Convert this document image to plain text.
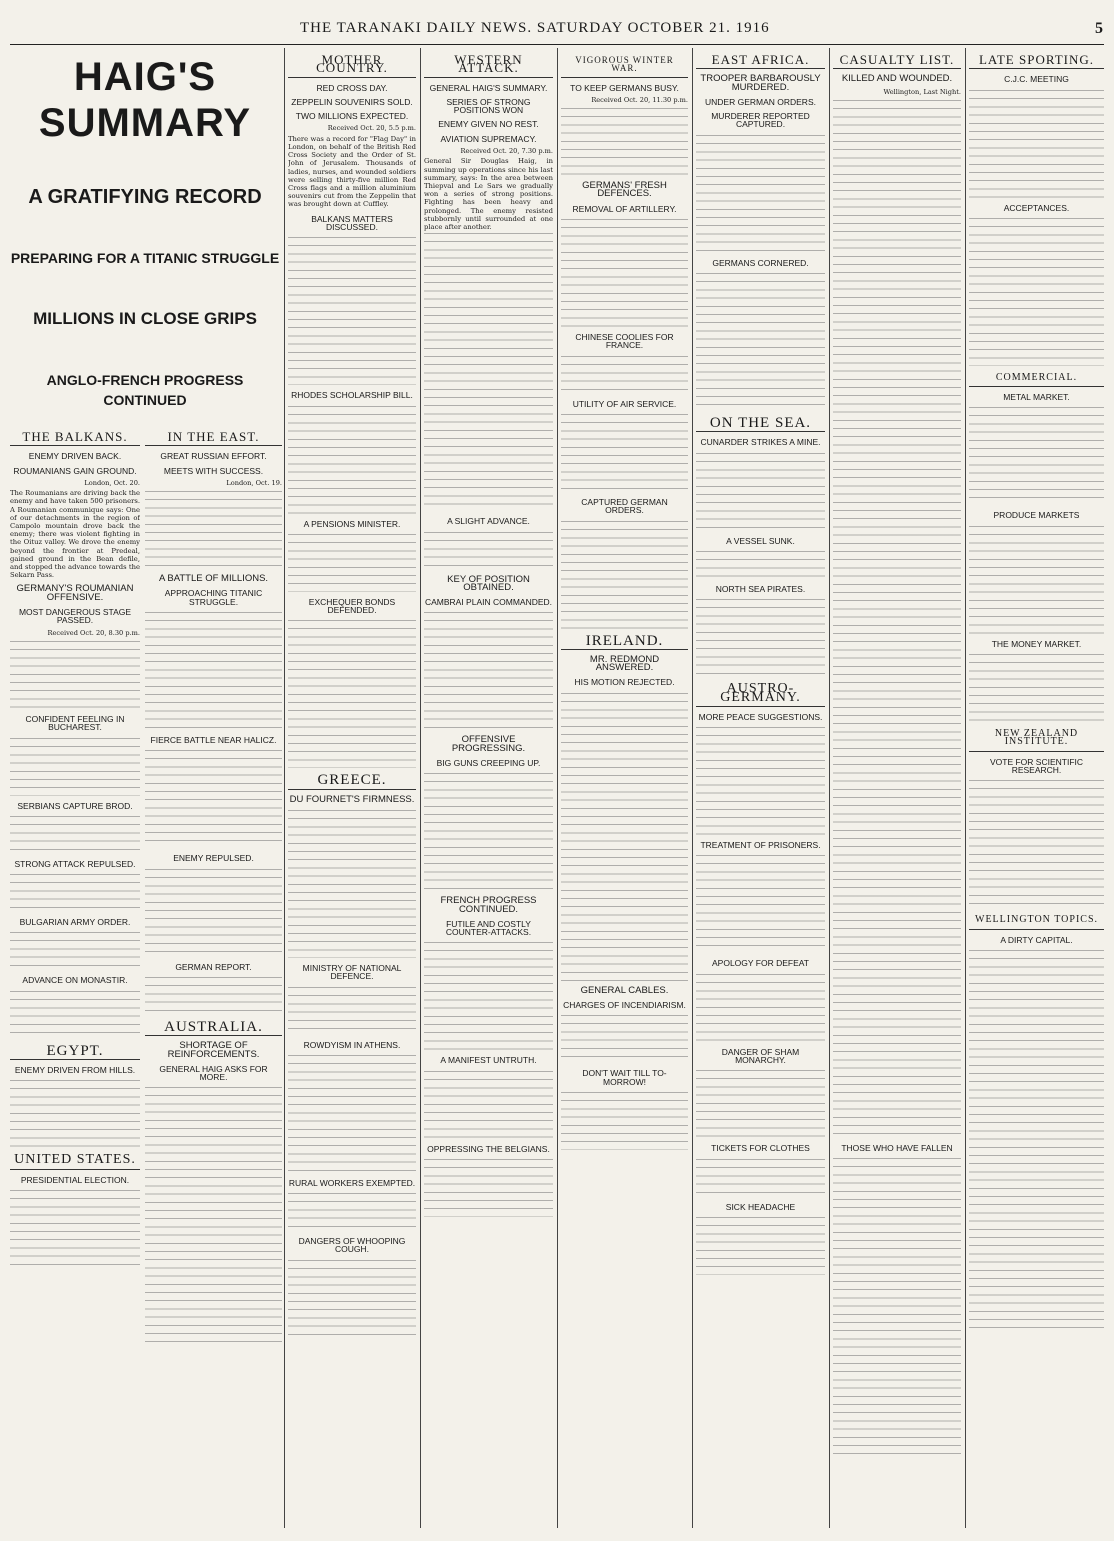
THE TARANAKI DAILY NEWS. SATURDAY OCTOBER 21. 1916	5
HAIG'S SUMMARY
A GRATIFYING RECORD
PREPARING FOR A TITANIC STRUGGLE
MILLIONS IN CLOSE GRIPS
ANGLO-FRENCH PROGRESS CONTINUED
THE BALKANS.
ENEMY DRIVEN BACK.
ROUMANIANS GAIN GROUND.
London, Oct. 20.
The Roumanians are driving back the enemy and have taken 500 prisoners. A Roumanian communique says: One of our detachments in the region of Campolo mountain drove back the enemy; there was violent fighting in the Oituz valley. We drove the enemy beyond the frontier at Predeal, gained ground in the Bean defile, and stopped the advance towards the Sekarn Pass.
GERMANY'S ROUMANIAN OFFENSIVE.
MOST DANGEROUS STAGE PASSED.
Received Oct. 20, 8.30 p.m.
CONFIDENT FEELING IN BUCHAREST.
SERBIANS CAPTURE BROD.
STRONG ATTACK REPULSED.
BULGARIAN ARMY ORDER.
ADVANCE ON MONASTIR.
EGYPT.
ENEMY DRIVEN FROM HILLS.
UNITED STATES.
PRESIDENTIAL ELECTION.
IN THE EAST.
GREAT RUSSIAN EFFORT.
MEETS WITH SUCCESS.
London, Oct. 19.
A BATTLE OF MILLIONS.
APPROACHING TITANIC STRUGGLE.
FIERCE BATTLE NEAR HALICZ.
ENEMY REPULSED.
GERMAN REPORT.
AUSTRALIA.
SHORTAGE OF REINFORCEMENTS.
GENERAL HAIG ASKS FOR MORE.
MOTHER COUNTRY.
RED CROSS DAY.
ZEPPELIN SOUVENIRS SOLD.
TWO MILLIONS EXPECTED.
Received Oct. 20, 5.5 p.m.
There was a record for "Flag Day" in London, on behalf of the British Red Cross Society and the Order of St. John of Jerusalem. Thousands of ladies, nurses, and wounded soldiers were selling thirty-five million Red Cross flags and a million aluminium souvenirs cut from the Zeppelin that was brought down at Cuffley.
BALKANS MATTERS DISCUSSED.
RHODES SCHOLARSHIP BILL.
A PENSIONS MINISTER.
EXCHEQUER BONDS DEFENDED.
GREECE.
DU FOURNET'S FIRMNESS.
MINISTRY OF NATIONAL DEFENCE.
ROWDYISM IN ATHENS.
RURAL WORKERS EXEMPTED.
DANGERS OF WHOOPING COUGH.
WESTERN ATTACK.
GENERAL HAIG'S SUMMARY.
SERIES OF STRONG POSITIONS WON
ENEMY GIVEN NO REST.
AVIATION SUPREMACY.
Received Oct. 20, 7.30 p.m.
General Sir Douglas Haig, in summing up operations since his last summary, says: In the area between Thiepval and Le Sars we gradually won a series of strong positions. Fighting has been heavy and prolonged. The enemy resisted stubbornly until surrounded at one place after another.
A SLIGHT ADVANCE.
KEY OF POSITION OBTAINED.
CAMBRAI PLAIN COMMANDED.
OFFENSIVE PROGRESSING.
BIG GUNS CREEPING UP.
FRENCH PROGRESS CONTINUED.
FUTILE AND COSTLY COUNTER-ATTACKS.
A MANIFEST UNTRUTH.
OPPRESSING THE BELGIANS.
VIGOROUS WINTER WAR.
TO KEEP GERMANS BUSY.
Received Oct. 20, 11.30 p.m.
GERMANS' FRESH DEFENCES.
REMOVAL OF ARTILLERY.
CHINESE COOLIES FOR FRANCE.
UTILITY OF AIR SERVICE.
CAPTURED GERMAN ORDERS.
IRELAND.
MR. REDMOND ANSWERED.
HIS MOTION REJECTED.
GENERAL CABLES.
CHARGES OF INCENDIARISM.
DON'T WAIT TILL TO-MORROW!
EAST AFRICA.
TROOPER BARBAROUSLY MURDERED.
UNDER GERMAN ORDERS.
MURDERER REPORTED CAPTURED.
GERMANS CORNERED.
ON THE SEA.
CUNARDER STRIKES A MINE.
A VESSEL SUNK.
NORTH SEA PIRATES.
AUSTRO-GERMANY.
MORE PEACE SUGGESTIONS.
TREATMENT OF PRISONERS.
APOLOGY FOR DEFEAT
DANGER OF SHAM MONARCHY.
TICKETS FOR CLOTHES
SICK HEADACHE
CASUALTY LIST.
KILLED AND WOUNDED.
Wellington, Last Night.
THOSE WHO HAVE FALLEN
LATE SPORTING.
C.J.C. MEETING
ACCEPTANCES.
COMMERCIAL.
METAL MARKET.
PRODUCE MARKETS
THE MONEY MARKET.
NEW ZEALAND INSTITUTE.
VOTE FOR SCIENTIFIC RESEARCH.
WELLINGTON TOPICS.
A DIRTY CAPITAL.
